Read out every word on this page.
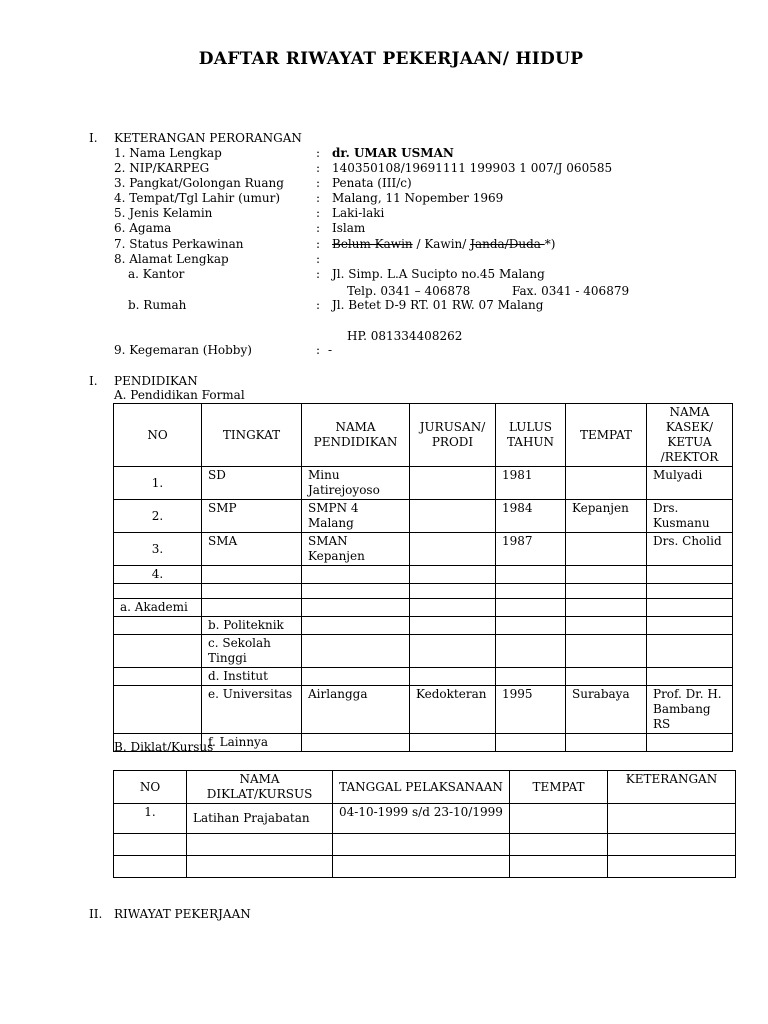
DAFTAR RIWAYAT PEKERJAAN/ HIDUP
I. KETERANGAN PERORANGAN
1. Nama Lengkap	: dr. UMAR USMAN
2. NIP/KARPEG	: 140350108/19691111 199903 1 007/J 060585
3. Pangkat/Golongan Ruang	: Penata (III/c)
4. Tempat/Tgl Lahir (umur)	: Malang, 11 Nopember 1969
5. Jenis Kelamin	: Laki-laki
6. Agama	: Islam
7. Status Perkawinan	: Belum Kawin / Kawin/ Janda/Duda *)
8. Alamat Lengkap	:
a. Kantor	: Jl. Simp. L.A Sucipto no.45 Malang
b. Rumah	: Jl. Betet D-9 RT. 01 RW. 07 Malang
9. Kegemaran (Hobby)	: -
Telp. 0341 – 406878	Fax. 0341 - 406879
HP. 081334408262
I. PENDIDIKAN
A. Pendidikan Formal
NO	TINGKAT	NAMA PENDIDIKAN	JURUSAN/ PRODI	LULUS TAHUN	TEMPAT	NAMA KASEK/ KETUA /REKTOR
1.	SD	Minu Jatirejoyoso		1981		Mulyadi
2.	SMP	SMPN 4 Malang		1984	Kepanjen	Drs. Kusmanu
3.	SMA	SMAN Kepanjen		1987		Drs. Cholid
4.						

a. Akademi						
	b. Politeknik					
	c. Sekolah Tinggi					
	d. Institut					
	e. Universitas	Airlangga	Kedokteran	1995	Surabaya	Prof. Dr. H. Bambang RS
	f. Lainnya					
B. Diklat/Kursus
NO	NAMA DIKLAT/KURSUS	TANGGAL PELAKSANAAN	TEMPAT	KETERANGAN
1.	Latihan Prajabatan	04-10-1999 s/d 23-10/1999		

II. RIWAYAT PEKERJAAN
